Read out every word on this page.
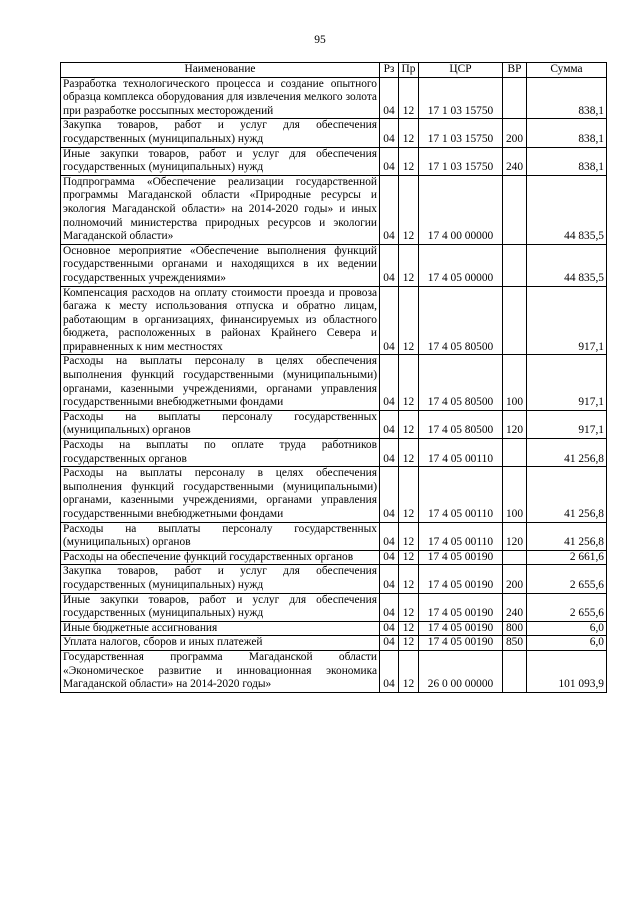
95
Наименование	Рз	Пр	ЦСР	ВР	Сумма
Разработка технологического процесса и создание опытного образца комплекса оборудования для извлечения мелкого золота при разработке россыпных месторождений	04	12	17 1 03 15750		838,1
Закупка товаров, работ и услуг для обеспечения государственных (муниципальных) нужд	04	12	17 1 03 15750	200	838,1
Иные закупки товаров, работ и услуг для обеспечения государственных (муниципальных) нужд	04	12	17 1 03 15750	240	838,1
Подпрограмма «Обеспечение реализации государственной программы Магаданской области «Природные ресурсы и экология Магаданской области» на 2014-2020 годы» и иных полномочий министерства природных ресурсов и экологии Магаданской области»	04	12	17 4 00 00000		44 835,5
Основное мероприятие «Обеспечение выполнения функций государственными органами и находящихся в их ведении государственных учреждениями»	04	12	17 4 05 00000		44 835,5
Компенсация расходов на оплату стоимости проезда и провоза багажа к месту использования отпуска и обратно лицам, работающим в организациях, финансируемых из областного бюджета, расположенных в районах Крайнего Севера и приравненных к ним местностях	04	12	17 4 05 80500		917,1
Расходы на выплаты персоналу в целях обеспечения выполнения функций государственными (муниципальными) органами, казенными учреждениями, органами управления государственными внебюджетными фондами	04	12	17 4 05 80500	100	917,1
Расходы на выплаты персоналу государственных (муниципальных) органов	04	12	17 4 05 80500	120	917,1
Расходы на выплаты по оплате труда работников государственных органов	04	12	17 4 05 00110		41 256,8
Расходы на выплаты персоналу в целях обеспечения выполнения функций государственными (муниципальными) органами, казенными учреждениями, органами управления государственными внебюджетными фондами	04	12	17 4 05 00110	100	41 256,8
Расходы на выплаты персоналу государственных (муниципальных) органов	04	12	17 4 05 00110	120	41 256,8
Расходы на обеспечение функций государственных органов	04	12	17 4 05 00190		2 661,6
Закупка товаров, работ и услуг для обеспечения государственных (муниципальных) нужд	04	12	17 4 05 00190	200	2 655,6
Иные закупки товаров, работ и услуг для обеспечения государственных (муниципальных) нужд	04	12	17 4 05 00190	240	2 655,6
Иные бюджетные ассигнования	04	12	17 4 05 00190	800	6,0
Уплата налогов, сборов и иных платежей	04	12	17 4 05 00190	850	6,0
Государственная программа Магаданской области «Экономическое развитие и инновационная экономика Магаданской области» на 2014-2020 годы»	04	12	26 0 00 00000		101 093,9
